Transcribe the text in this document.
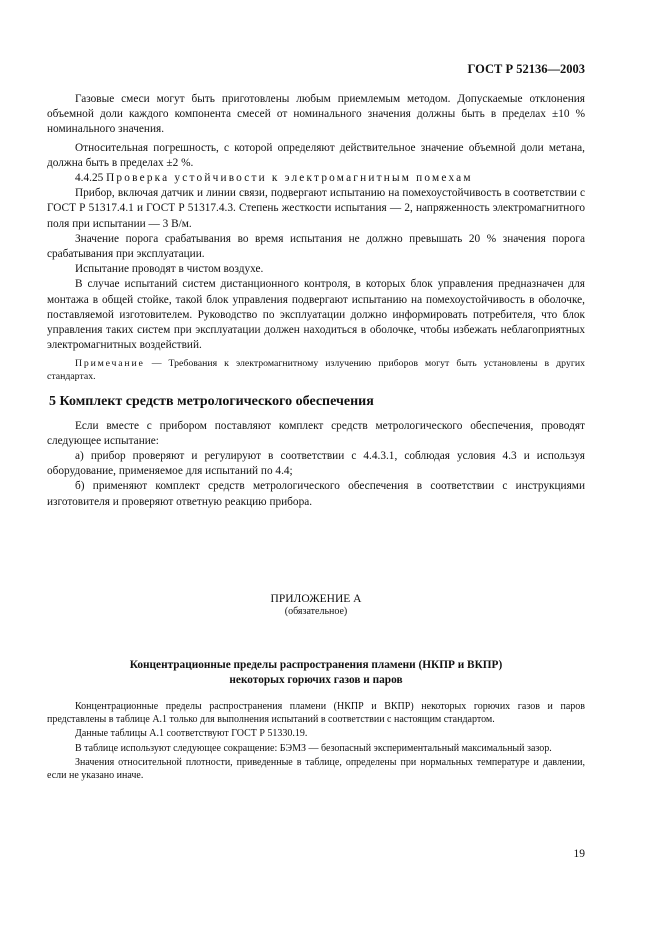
ГОСТ Р 52136—2003

Газовые смеси могут быть приготовлены любым приемлемым методом. Допускаемые отклонения объемной доли каждого компонента смесей от номинального значения должны быть в пределах ±10 % номинального значения.

Относительная погрешность, с которой определяют действительное значение объемной доли метана, должна быть в пределах ±2 %.

4.4.25 Проверка устойчивости к электромагнитным помехам

Прибор, включая датчик и линии связи, подвергают испытанию на помехоустойчивость в соответствии с ГОСТ Р 51317.4.1 и ГОСТ Р 51317.4.3. Степень жесткости испытания — 2, напряженность электромагнитного поля при испытании — 3 В/м.

Значение порога срабатывания во время испытания не должно превышать 20 % значения порога срабатывания при эксплуатации.

Испытание проводят в чистом воздухе.

В случае испытаний систем дистанционного контроля, в которых блок управления предназначен для монтажа в общей стойке, такой блок управления подвергают испытанию на помехоустойчивость в оболочке, поставляемой изготовителем. Руководство по эксплуатации должно информировать потребителя, что блок управления таких систем при эксплуатации должен находиться в оболочке, чтобы избежать неблагоприятных электромагнитных воздействий.

Примечание — Требования к электромагнитному излучению приборов могут быть установлены в других стандартах.

5 Комплект средств метрологического обеспечения

Если вместе с прибором поставляют комплект средств метрологического обеспечения, проводят следующее испытание:

а) прибор проверяют и регулируют в соответствии с 4.4.3.1, соблюдая условия 4.3 и используя оборудование, применяемое для испытаний по 4.4;

б) применяют комплект средств метрологического обеспечения в соответствии с инструкциями изготовителя и проверяют ответную реакцию прибора.

ПРИЛОЖЕНИЕ А
(обязательное)
Концентрационные пределы распространения пламени (НКПР и ВКПР)
некоторых горючих газов и паров

Концентрационные пределы распространения пламени (НКПР и ВКПР) некоторых горючих газов и паров представлены в таблице А.1 только для выполнения испытаний в соответствии с настоящим стандартом.

Данные таблицы А.1 соответствуют ГОСТ Р 51330.19.

В таблице используют следующее сокращение: БЭМЗ — безопасный экспериментальный максимальный зазор.

Значения относительной плотности, приведенные в таблице, определены при нормальных температуре и давлении, если не указано иначе.

19
